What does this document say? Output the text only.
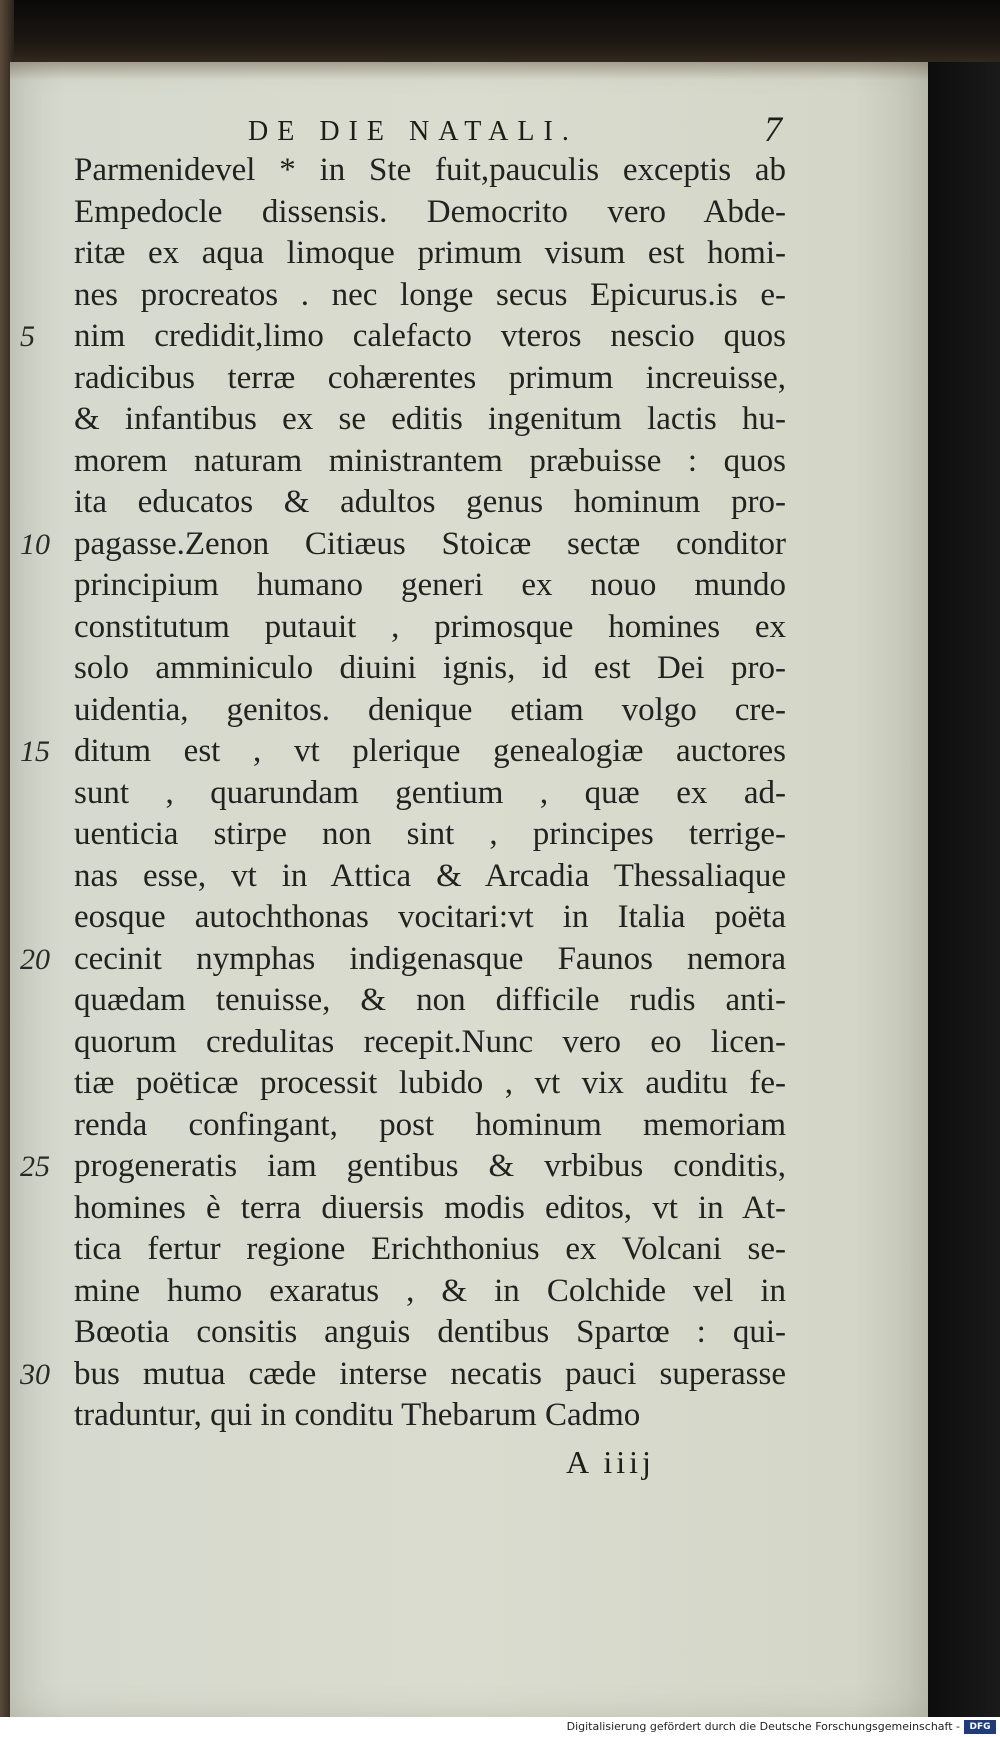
DE DIE NATALI.	7
Parmenidevel * in Ste fuit,pauculis exceptis ab
Empedocle dissensis. Democrito vero Abde-
ritæ ex aqua limoque primum visum est homi-
nes procreatos . nec longe secus Epicurus.is e-
nim credidit,limo calefacto vteros nescio quos
radicibus terræ cohærentes primum increuisse,
& infantibus ex se editis ingenitum lactis hu-
morem naturam ministrantem præbuisse : quos
ita educatos & adultos genus hominum pro-
pagasse.Zenon Citiæus Stoicæ sectæ conditor
principium humano generi ex nouo mundo
constitutum putauit , primosque homines ex
solo amminiculo diuini ignis, id est Dei pro-
uidentia, genitos. denique etiam volgo cre-
ditum est , vt plerique genealogiæ auctores
sunt , quarundam gentium , quæ ex ad-
uenticia stirpe non sint , principes terrige-
nas esse, vt in Attica & Arcadia Thessaliaque
eosque autochthonas vocitari:vt in Italia poëta
cecinit nymphas indigenasque Faunos nemora
quædam tenuisse, & non difficile rudis anti-
quorum credulitas recepit.Nunc vero eo licen-
tiæ poëticæ processit lubido , vt vix auditu fe-
renda confingant, post hominum memoriam
progeneratis iam gentibus & vrbibus conditis,
homines è terra diuersis modis editos, vt in At-
tica fertur regione Erichthonius ex Volcani se-
mine humo exaratus , & in Colchide vel in
Bœotia consitis anguis dentibus Spartœ : qui-
bus mutua cæde interse necatis pauci superasse
traduntur, qui in conditu Thebarum Cadmo
5
10
15
20
25
30
A iiij
Digitalisierung gefördert durch die Deutsche Forschungsgemeinschaft -	DFG
